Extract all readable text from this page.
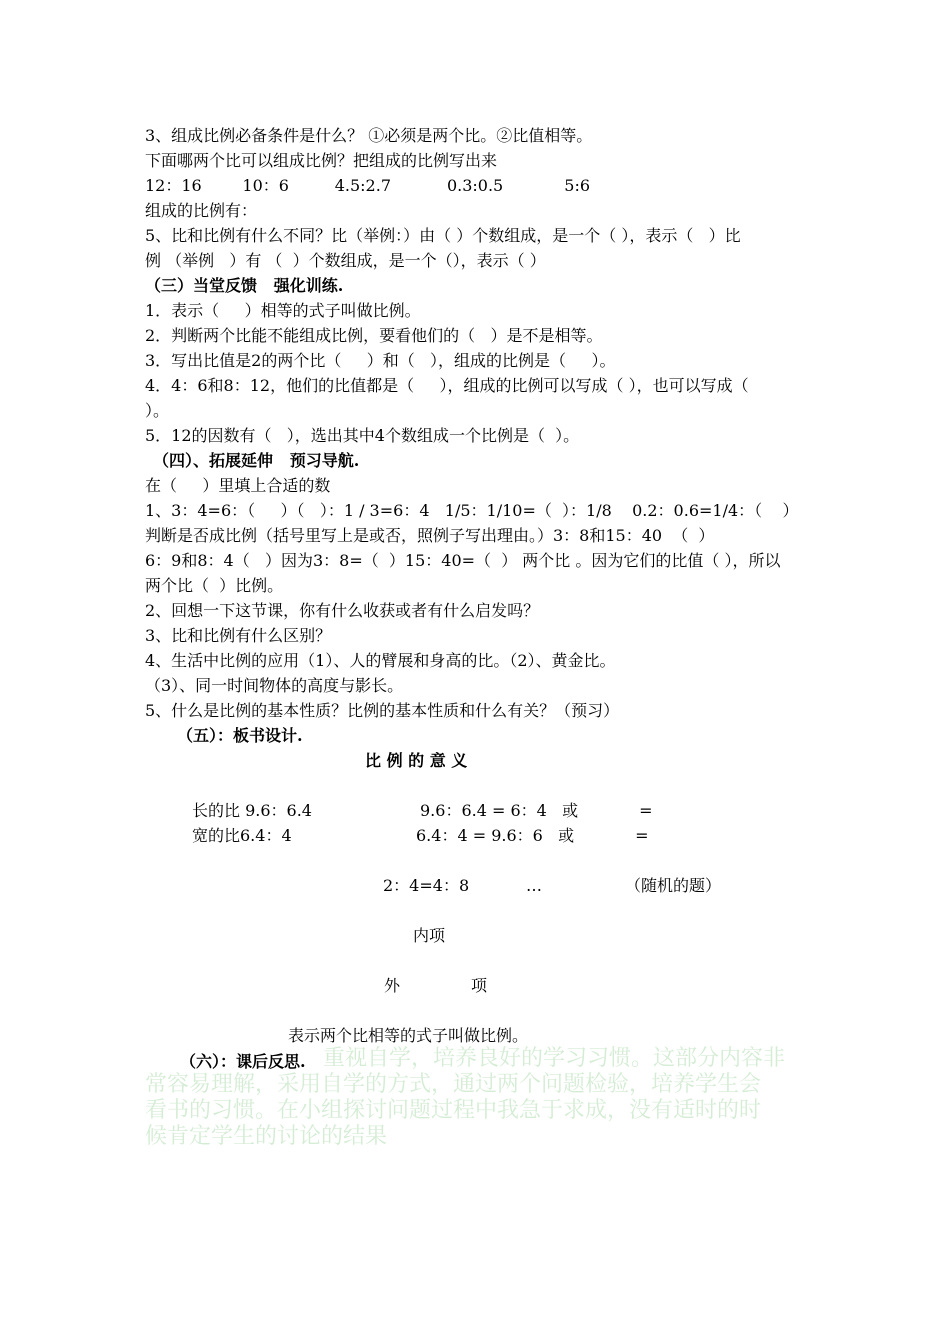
3、组成比例必备条件是什么？ ①必须是两个比。②比值相等。
下面哪两个比可以组成比例？把组成的比例写出来
12：16        10：6         4.5:2.7           0.3:0.5            5:6
组成的比例有：
5、比和比例有什么不同？比（举例：）由（ ）个数组成，是一个（ ），表示（   ）比
例 （举例   ）有 （  ）个数组成，是一个（），表示（ ）
（三）当堂反馈   强化训练.
1．表示（     ）相等的式子叫做比例。
2．判断两个比能不能组成比例，要看他们的（   ）是不是相等。
3．写出比值是2的两个比（     ）和（   ），组成的比例是（     ）。
4．4：6和8：12，他们的比值都是（     ），组成的比例可以写成（ ），也可以写成（
）。
5．12的因数有（   ），选出其中4个数组成一个比例是（  ）。
（四）、拓展延伸   预习导航.
在（     ）里填上合适的数
1、3：4=6：（     ）（   ）：1 / 3=6：4   1/5：1/10=（  ）：1/8    0.2：0.6=1/4：（    ）
判断是否成比例（括号里写上是或否，照例子写出理由。）3：8和15：40  （  ）
6：9和8：4（   ）因为3：8=（  ）15：40=（  ） 两个比 。因为它们的比值（ ），所以
两个比（  ）比例。
2、回想一下这节课，你有什么收获或者有什么启发吗？
3、比和比例有什么区别？
4、生活中比例的应用（1）、人的臂展和身高的比。（2）、黄金比。
（3）、同一时间物体的高度与影长。
5、什么是比例的基本性质？比例的基本性质和什么有关？（预习）
（五）：板书设计.
比 例 的 意 义
长的比 9.6：6.4	9.6：6.4 = 6：4   或            =
宽的比6.4：4	6.4：4 = 9.6：6   或            =
2：4=4：8	…	（随机的题）
内项
外	项
表示两个比相等的式子叫做比例。
（六）：课后反思. 重视自学，培养良好的学习习惯。这部分内容非
常容易理解，采用自学的方式，通过两个问题检验，培养学生会
看书的习惯。在小组探讨问题过程中我急于求成，没有适时的时
候肯定学生的讨论的结果
